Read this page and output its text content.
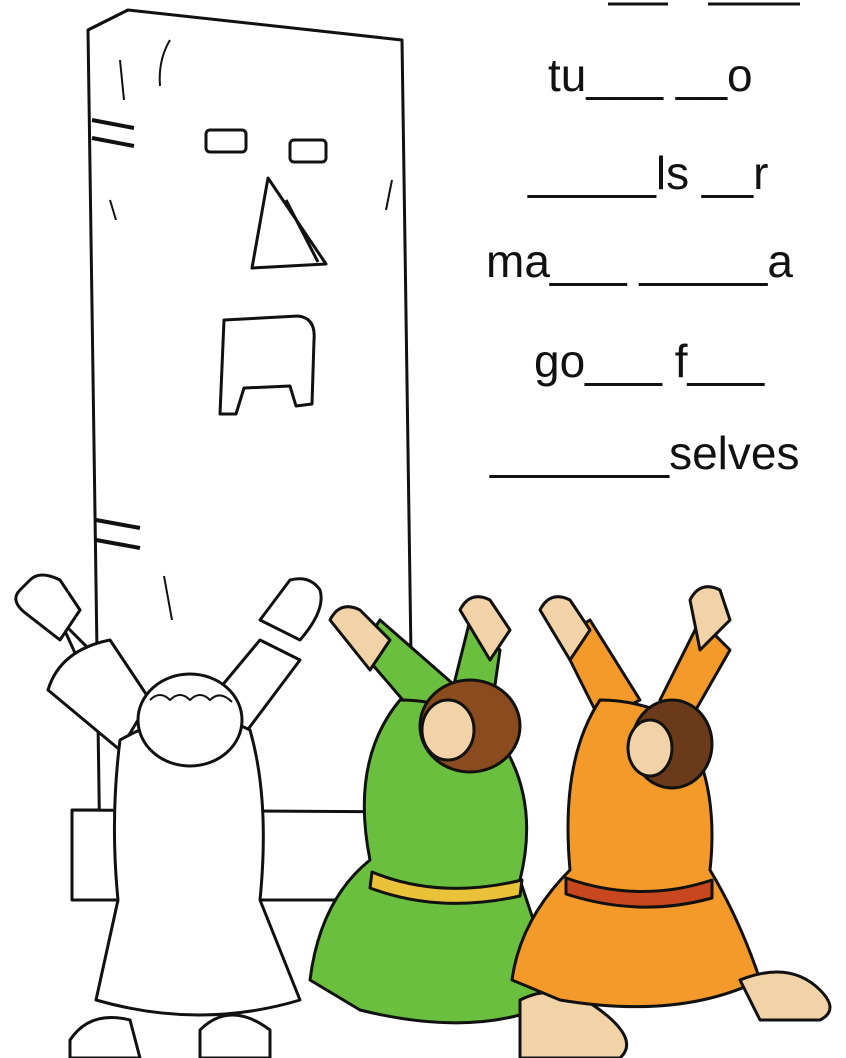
tu___ __o
_____ls __r
ma___ _____a
go___ f___
_______selves
